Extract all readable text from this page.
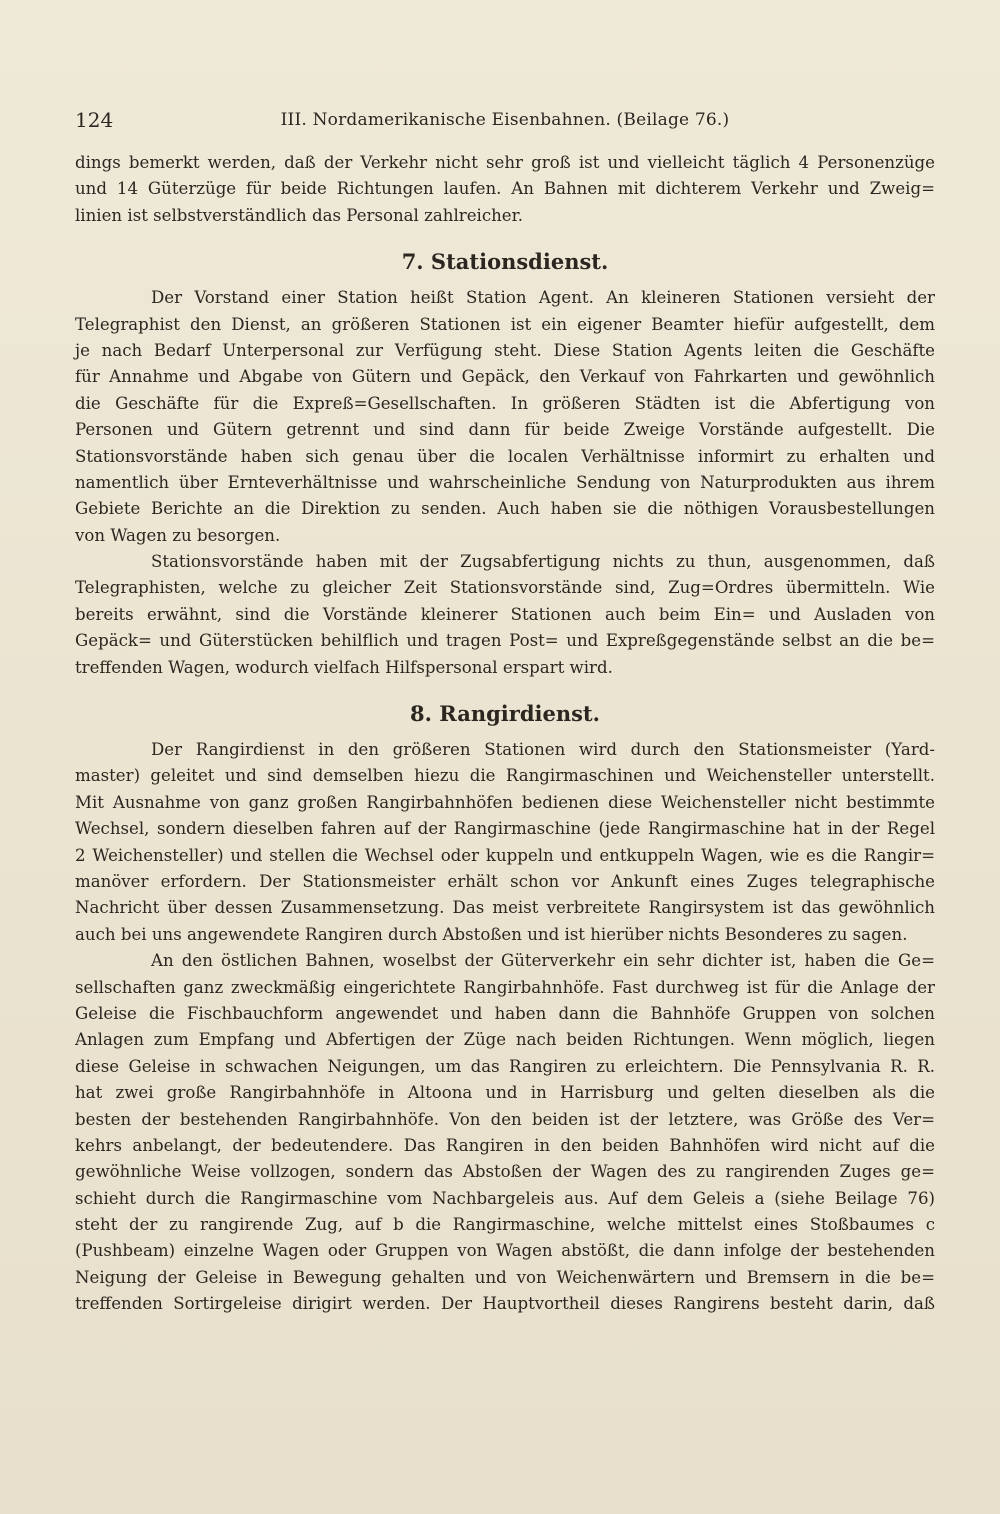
124	III. Nordamerikanische Eisenbahnen. (Beilage 76.)
dings bemerkt werden, daß der Verkehr nicht sehr groß ist und vielleicht täglich 4 Personenzüge
und 14 Güterzüge für beide Richtungen laufen. An Bahnen mit dichterem Verkehr und Zweig=
linien ist selbstverständlich das Personal zahlreicher.
7. Stationsdienst.
Der Vorstand einer Station heißt Station Agent. An kleineren Stationen versieht der
Telegraphist den Dienst, an größeren Stationen ist ein eigener Beamter hiefür aufgestellt, dem
je nach Bedarf Unterpersonal zur Verfügung steht. Diese Station Agents leiten die Geschäfte
für Annahme und Abgabe von Gütern und Gepäck, den Verkauf von Fahrkarten und gewöhnlich
die Geschäfte für die Expreß=Gesellschaften. In größeren Städten ist die Abfertigung von
Personen und Gütern getrennt und sind dann für beide Zweige Vorstände aufgestellt. Die
Stationsvorstände haben sich genau über die localen Verhältnisse informirt zu erhalten und
namentlich über Ernteverhältnisse und wahrscheinliche Sendung von Naturprodukten aus ihrem
Gebiete Berichte an die Direktion zu senden. Auch haben sie die nöthigen Vorausbestellungen
von Wagen zu besorgen.
Stationsvorstände haben mit der Zugsabfertigung nichts zu thun, ausgenommen, daß
Telegraphisten, welche zu gleicher Zeit Stationsvorstände sind, Zug=Ordres übermitteln. Wie
bereits erwähnt, sind die Vorstände kleinerer Stationen auch beim Ein= und Ausladen von
Gepäck= und Güterstücken behilflich und tragen Post= und Expreßgegenstände selbst an die be=
treffenden Wagen, wodurch vielfach Hilfspersonal erspart wird.
8. Rangirdienst.
Der Rangirdienst in den größeren Stationen wird durch den Stationsmeister (Yard-
master) geleitet und sind demselben hiezu die Rangirmaschinen und Weichensteller unterstellt.
Mit Ausnahme von ganz großen Rangirbahnhöfen bedienen diese Weichensteller nicht bestimmte
Wechsel, sondern dieselben fahren auf der Rangirmaschine (jede Rangirmaschine hat in der Regel
2 Weichensteller) und stellen die Wechsel oder kuppeln und entkuppeln Wagen, wie es die Rangir=
manöver erfordern. Der Stationsmeister erhält schon vor Ankunft eines Zuges telegraphische
Nachricht über dessen Zusammensetzung. Das meist verbreitete Rangirsystem ist das gewöhnlich
auch bei uns angewendete Rangiren durch Abstoßen und ist hierüber nichts Besonderes zu sagen.
An den östlichen Bahnen, woselbst der Güterverkehr ein sehr dichter ist, haben die Ge=
sellschaften ganz zweckmäßig eingerichtete Rangirbahnhöfe. Fast durchweg ist für die Anlage der
Geleise die Fischbauchform angewendet und haben dann die Bahnhöfe Gruppen von solchen
Anlagen zum Empfang und Abfertigen der Züge nach beiden Richtungen. Wenn möglich, liegen
diese Geleise in schwachen Neigungen, um das Rangiren zu erleichtern. Die Pennsylvania R. R.
hat zwei große Rangirbahnhöfe in Altoona und in Harrisburg und gelten dieselben als die
besten der bestehenden Rangirbahnhöfe. Von den beiden ist der letztere, was Größe des Ver=
kehrs anbelangt, der bedeutendere. Das Rangiren in den beiden Bahnhöfen wird nicht auf die
gewöhnliche Weise vollzogen, sondern das Abstoßen der Wagen des zu rangirenden Zuges ge=
schieht durch die Rangirmaschine vom Nachbargeleis aus. Auf dem Geleis a (siehe Beilage 76)
steht der zu rangirende Zug, auf b die Rangirmaschine, welche mittelst eines Stoßbaumes c
(Pushbeam) einzelne Wagen oder Gruppen von Wagen abstößt, die dann infolge der bestehenden
Neigung der Geleise in Bewegung gehalten und von Weichenwärtern und Bremsern in die be=
treffenden Sortirgeleise dirigirt werden. Der Hauptvortheil dieses Rangirens besteht darin, daß
